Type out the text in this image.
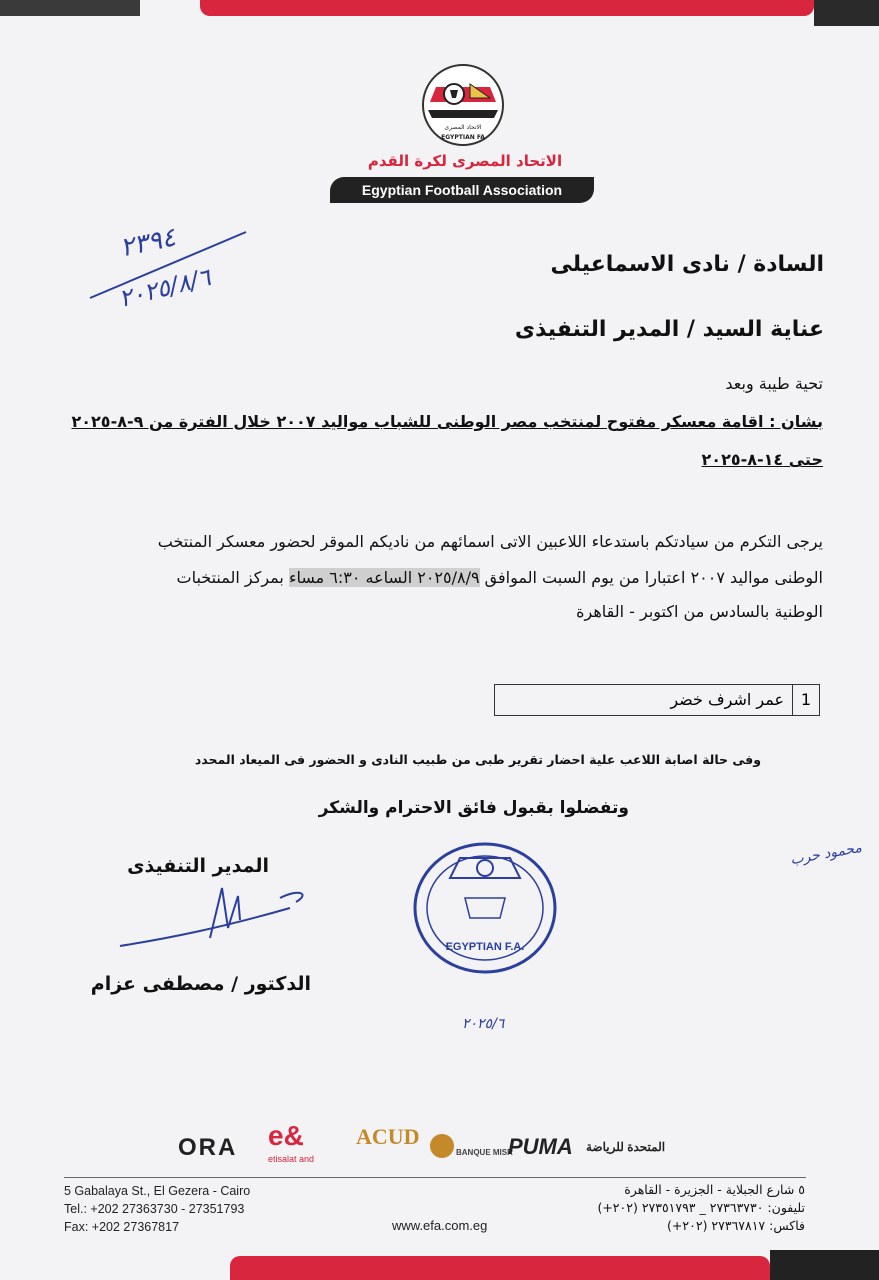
الاتحاد المصرى
EGYPTIAN FA
الاتحاد المصرى لكرة القدم
Egyptian Football Association
٢٣٩٤
٢٠٢٥/٨/٦	السادة / نادى الاسماعيلى
عناية السيد / المدير التنفيذى
تحية طيبة وبعد
بشان : اقامة معسكر مفتوح لمنتخب مصر الوطنى للشباب مواليد ٢٠٠٧ خلال الفترة من ٩-٨-٢٠٢٥
حتى ١٤-٨-٢٠٢٥
يرجى التكرم من سيادتكم باستدعاء اللاعبين الاتى اسمائهم من ناديكم الموقر لحضور معسكر المنتخب
الوطنى مواليد ٢٠٠٧ اعتبارا من يوم السبت الموافق ٢٠٢٥/٨/٩ الساعه ٦:٣٠ مساء بمركز المنتخبات
الوطنية بالسادس من اكتوبر - القاهرة
1
عمر اشرف خضر
وفى حالة اصابة اللاعب علية احضار تقرير طبى من طبيب النادى و الحضور فى الميعاد المحدد
وتفضلوا بقبول فائق الاحترام والشكر
المدير التنفيذى
الدكتور / مصطفى عزام
EGYPTIAN F.A.
٢٠٢٥/٦
محمود حرب
ORA e&
etisalat and
ACUD
BANQUE MISR
PUMA المتحدة للرياضة
5 Gabalaya St., El Gezera - Cairo
Tel.: +202 27363730 - 27351793
Fax: +202 27367817	www.efa.com.eg
٥ شارع الجبلاية - الجزيرة - القاهرة
تليفون: ٢٧٣٦٣٧٣٠ _ ٢٧٣٥١٧٩٣ (٢٠٢+)
فاكس: ٢٧٣٦٧٨١٧ (٢٠٢+)
